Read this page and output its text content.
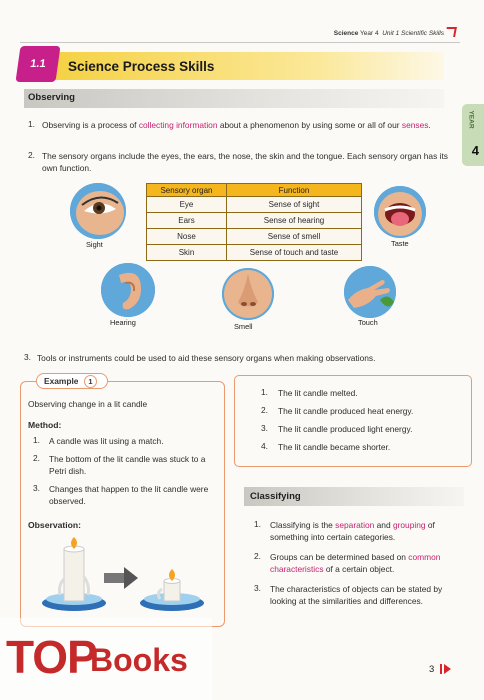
Science Year 4 Unit 1 Scientific Skills
1.1 Science Process Skills
Observing
YEAR
4
1. Observing is a process of collecting information about a phenomenon by using some or all of our senses.
2. The sensory organs include the eyes, the ears, the nose, the skin and the tongue. Each sensory organ has its own function.
Sensory organ	Function
Eye	Sense of sight
Ears	Sense of hearing
Nose	Sense of smell
Skin	Sense of touch and taste
Sight	Taste
Hearing	Smell	Touch
3. Tools or instruments could be used to aid these sensory organs when making observations.
Example	1
Observing change in a lit candle
Method:
1. A candle was lit using a match.
2. The bottom of the lit candle was stuck to a Petri dish.
3. Changes that happen to the lit candle were observed.
Observation:
1. The lit candle melted.
2. The lit candle produced heat energy.
3. The lit candle produced light energy.
4. The lit candle became shorter.
Classifying
1. Classifying is the separation and grouping of something into certain categories.
2. Groups can be determined based on common characteristics of a certain object.
3. The characteristics of objects can be stated by looking at the similarities and differences.
3
TOP
Books
